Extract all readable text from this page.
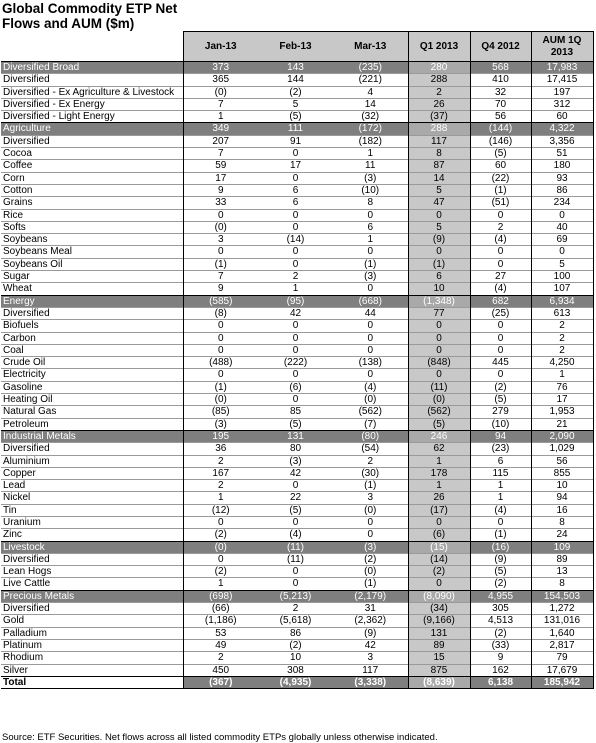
Global Commodity ETP Net
Flows and AUM ($m)
	Jan-13	Feb-13	Mar-13	Q1 2013	Q4 2012	AUM 1Q
2013
Diversified Broad	373	143	(235)	280	568	17,983
Diversified	365	144	(221)	288	410	17,415
Diversified - Ex Agriculture & Livestock	(0)	(2)	4	2	32	197
Diversified - Ex Energy	7	5	14	26	70	312
Diversified - Light Energy	1	(5)	(32)	(37)	56	60
Agriculture	349	111	(172)	288	(144)	4,322
Diversified	207	91	(182)	117	(146)	3,356
Cocoa	7	0	1	8	(5)	51
Coffee	59	17	11	87	60	180
Corn	17	0	(3)	14	(22)	93
Cotton	9	6	(10)	5	(1)	86
Grains	33	6	8	47	(51)	234
Rice	0	0	0	0	0	0
Softs	(0)	0	6	5	2	40
Soybeans	3	(14)	1	(9)	(4)	69
Soybeans Meal	0	0	0	0	0	0
Soybeans Oil	(1)	0	(1)	(1)	0	5
Sugar	7	2	(3)	6	27	100
Wheat	9	1	0	10	(4)	107
Energy	(585)	(95)	(668)	(1,348)	682	6,934
Diversified	(8)	42	44	77	(25)	613
Biofuels	0	0	0	0	0	2
Carbon	0	0	0	0	0	2
Coal	0	0	0	0	0	2
Crude Oil	(488)	(222)	(138)	(848)	445	4,250
Electricity	0	0	0	0	0	1
Gasoline	(1)	(6)	(4)	(11)	(2)	76
Heating Oil	(0)	0	(0)	(0)	(5)	17
Natural Gas	(85)	85	(562)	(562)	279	1,953
Petroleum	(3)	(5)	(7)	(5)	(10)	21
Industrial Metals	195	131	(80)	246	94	2,090
Diversified	36	80	(54)	62	(23)	1,029
Aluminium	2	(3)	2	1	6	56
Copper	167	42	(30)	178	115	855
Lead	2	0	(1)	1	1	10
Nickel	1	22	3	26	1	94
Tin	(12)	(5)	(0)	(17)	(4)	16
Uranium	0	0	0	0	0	8
Zinc	(2)	(4)	0	(6)	(1)	24
Livestock	(0)	(11)	(3)	(15)	(16)	109
Diversified	0	(11)	(2)	(14)	(9)	89
Lean Hogs	(2)	0	(0)	(2)	(5)	13
Live Cattle	1	0	(1)	0	(2)	8
Precious Metals	(698)	(5,213)	(2,179)	(8,090)	4,955	154,503
Diversified	(66)	2	31	(34)	305	1,272
Gold	(1,186)	(5,618)	(2,362)	(9,166)	4,513	131,016
Palladium	53	86	(9)	131	(2)	1,640
Platinum	49	(2)	42	89	(33)	2,817
Rhodium	2	10	3	15	9	79
Silver	450	308	117	875	162	17,679
Total	(367)	(4,935)	(3,338)	(8,639)	6,138	185,942
Source: ETF Securities. Net flows across all listed commodity ETPs globally unless otherwise indicated.
